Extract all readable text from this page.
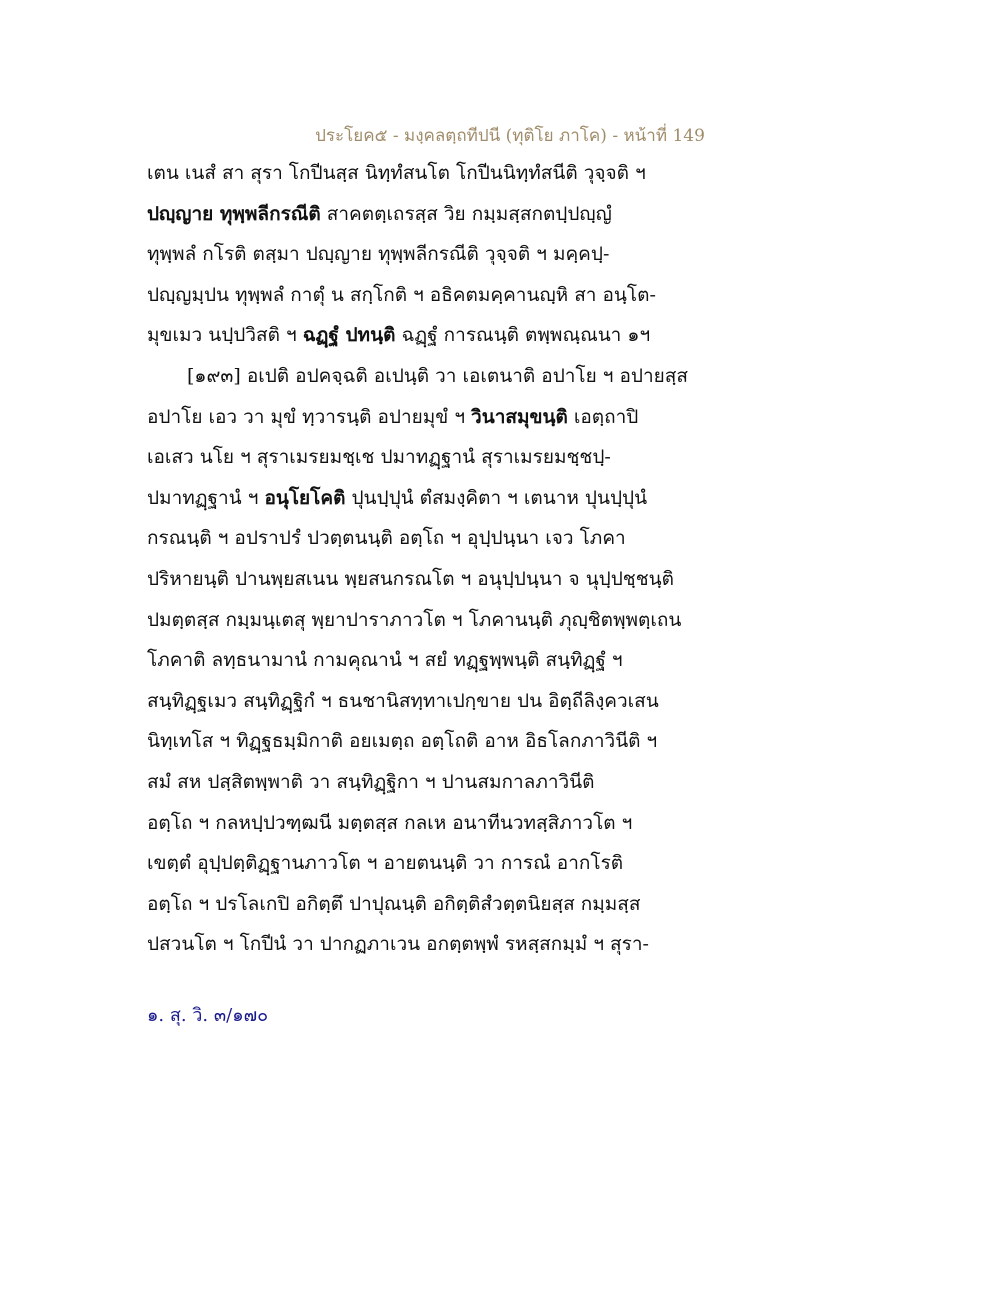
ประโยค๕ - มงฺคลตฺถทีปนี (ทุติโย ภาโค) - หน้าที่ 149
เตน เนสํ สา สุรา โกปีนสฺส นิทฺทํสนโต โกปีนนิทฺทํสนีติ วุจฺจติ ฯ
ปญฺญาย ทุพฺพลีกรณีติ สาคตตฺเถรสฺส วิย กมฺมสฺสกตปฺปญฺญํ
ทุพฺพลํ กโรติ ตสฺมา ปญฺญาย ทุพฺพลีกรณีติ วุจฺจติ ฯ มคฺคปฺ-
ปญฺญมฺปน ทุพฺพลํ กาตุํ น สกฺโกติ ฯ อธิคตมคฺคานญฺหิ สา อนฺโต-
มุขเมว นปฺปวิสติ ฯ ฉฏฺฐํ ปทนฺติ ฉฏฺฐํ การณนฺติ ตพฺพณฺณนา ๑ฯ
[๑๙๓] อเปติ อปคจฺฉติ อเปนฺติ วา เอเตนาติ อปาโย ฯ อปายสฺส
อปาโย เอว วา มุขํ ทฺวารนฺติ อปายมุขํ ฯ วินาสมุขนฺติ เอตฺถาปิ
เอเสว นโย ฯ สุราเมรยมชฺเช ปมาทฏฺฐานํ สุราเมรยมชฺชปฺ-
ปมาทฏฺฐานํ ฯ อนุโยโคติ ปุนปฺปุนํ ตํสมงฺคิตา ฯ เตนาห ปุนปฺปุนํ
กรณนฺติ ฯ อปราปรํ ปวตฺตนนฺติ อตฺโถ ฯ อุปฺปนฺนา เจว โภคา
ปริหายนฺติ ปานพฺยสเนน พฺยสนกรณโต ฯ อนุปฺปนฺนา จ นุปฺปชฺชนฺติ
ปมตฺตสฺส กมฺมนฺเตสุ พฺยาปาราภาวโต ฯ โภคานนฺติ ภุญฺชิตพฺพตฺเถน
โภคาติ ลทฺธนามานํ กามคุณานํ ฯ สยํ ทฏฺฐพฺพนฺติ สนฺทิฏฺฐํ ฯ
สนฺทิฏฺฐเมว สนฺทิฏฺฐิกํ ฯ ธนชานิสทฺทาเปกฺขาย ปน อิตฺถีลิงฺควเสน
นิทฺเทโส ฯ ทิฏฺฐธมฺมิกาติ อยเมตฺถ อตฺโถติ อาห อิธโลกภาวินีติ ฯ
สมํ สห ปสฺสิตพฺพาติ วา สนฺทิฏฺฐิกา ฯ ปานสมกาลภาวินีติ
อตฺโถ ฯ กลหปฺปวฑฺฒนี มตฺตสฺส กลเห อนาทีนวทสฺสิภาวโต ฯ
เขตฺตํ อุปฺปตฺติฏฺฐานภาวโต ฯ อายตนนฺติ วา การณํ อากโรติ
อตฺโถ ฯ ปรโลเกปิ อกิตฺตึ ปาปุณนฺติ อกิตฺติสํวตฺตนิยสฺส กมฺมสฺส
ปสวนโต ฯ โกปีนํ วา ปากฏภาเวน อกตฺตพฺพํ รหสฺสกมฺมํ ฯ สุรา-
๑. สุ. วิ. ๓/๑๗๐
